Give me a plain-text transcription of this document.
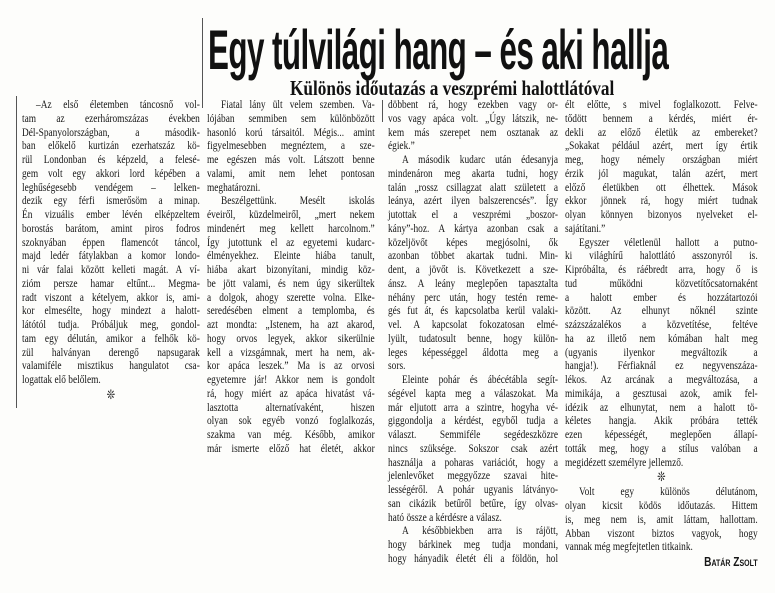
Egy túlvilági hang – és aki hallja
Különös időutazás a veszprémi halottlátóval
–Az első életemben táncosnő vol-
tam az ezerháromszázas években
Dél-Spanyolországban, a második-
ban előkelő kurtizán ezerhatszáz kö-
rül Londonban és képzeld, a felesé-
gem volt egy akkori lord képében a
leghűségesebb vendégem – lelken-
dezik egy férfi ismerősöm a minap.
Én vizuális ember lévén elképzeltem
borostás barátom, amint piros fodros
szoknyában éppen flamencót táncol,
majd ledér fátylakban a komor londo-
ni vár falai között kelleti magát. A ví-
zióm persze hamar eltűnt... Megma-
radt viszont a kételyem, akkor is, ami-
kor elmesélte, hogy mindezt a halott-
látótól tudja. Próbáljuk meg, gondol-
tam egy délután, amikor a felhők kö-
zül halványan derengő napsugarak
valamiféle misztikus hangulatot csa-
logattak elő belőlem.
❊
Fiatal lány ült velem szemben. Va-
lójában semmiben sem különbözött
hasonló korú társaitól. Mégis... amint
figyelmesebben megnéztem, a sze-
me egészen más volt. Látszott benne
valami, amit nem lehet pontosan
meghatározni.
Beszélgettünk. Mesélt iskolás
éveiről, küzdelmeiről, „mert nekem
mindenért meg kellett harcolnom.”
Így jutottunk el az egyetemi kudarc-
élményekhez. Eleinte hiába tanult,
hiába akart bizonyítani, mindig köz-
be jött valami, és nem úgy sikerültek
a dolgok, ahogy szerette volna. Elke-
seredésében elment a templomba, és
azt mondta: „Istenem, ha azt akarod,
hogy orvos legyek, akkor sikerülnie
kell a vizsgámnak, mert ha nem, ak-
kor apáca leszek.” Ma is az orvosi
egyetemre jár! Akkor nem is gondolt
rá, hogy miért az apáca hivatást vá-
lasztotta alternatívaként, hiszen
olyan sok egyéb vonzó foglalkozás,
szakma van még. Később, amikor
már ismerte előző hat életét, akkor
döbbent rá, hogy ezekben vagy or-
vos vagy apáca volt. „Úgy látszik, ne-
kem más szerepet nem osztanak az
égiek.”
A második kudarc után édesanyja
mindenáron meg akarta tudni, hogy
talán „rossz csillagzat alatt született a
leánya, azért ilyen balszerencsés”. Így
jutottak el a veszprémi „boszor-
kány”-hoz. A kártya azonban csak a
közeljövőt képes megjósolni, ők
azonban többet akartak tudni. Min-
dent, a jövőt is. Következett a sze-
ánsz. A leány meglepően tapasztalta
néhány perc után, hogy testén reme-
gés fut át, és kapcsolatba kerül valaki-
vel. A kapcsolat fokozatosan elmé-
lyült, tudatosult benne, hogy külön-
leges képességgel áldotta meg a
sors.
Eleinte pohár és ábécétábla segít-
ségével kapta meg a válaszokat. Ma
már eljutott arra a szintre, hogyha vé-
giggondolja a kérdést, egyből tudja a
választ. Semmiféle segédeszközre
nincs szüksége. Sokszor csak azért
használja a poharas variációt, hogy a
jelenlevőket meggyőzze szavai hite-
lességéről. A pohár ugyanis látványo-
san cikázik betűről betűre, így olvas-
ható össze a kérdésre a válasz.
A későbbiekben arra is rájött,
hogy bárkinek meg tudja mondani,
hogy hányadik életét éli a földön, hol
élt előtte, s mivel foglalkozott. Felve-
tődött bennem a kérdés, miért ér-
dekli az előző életük az embereket?
„Sokakat például azért, mert így értik
meg, hogy némely országban miért
érzik jól magukat, talán azért, mert
előző életükben ott élhettek. Mások
ekkor jönnek rá, hogy miért tudnak
olyan könnyen bizonyos nyelveket el-
sajátítani.”
Egyszer véletlenül hallott a putno-
ki világhírű halottlátó asszonyról is.
Kipróbálta, és ráébredt arra, hogy ő is
tud működni közvetítőcsatornaként
a halott ember és hozzátartozói
között. Az elhunyt nőknél szinte
százszázalékos a közvetítése, feltéve
ha az illető nem kómában halt meg
(ugyanis ilyenkor megváltozik a
hangja!). Férfiaknál ez negyvenszáza-
lékos. Az arcának a megváltozása, a
mimikája, a gesztusai azok, amik fel-
idézik az elhunytat, nem a halott tö-
kéletes hangja. Akik próbára tették
ezen képességét, meglepően állapí-
tották meg, hogy a stílus valóban a
megidézett személyre jellemző.
❊
Volt egy különös délutánom,
olyan kicsit ködös időutazás. Hittem
is, meg nem is, amit láttam, hallottam.
Abban viszont biztos vagyok, hogy
vannak még megfejtetlen titkaink.
Batár Zsolt
